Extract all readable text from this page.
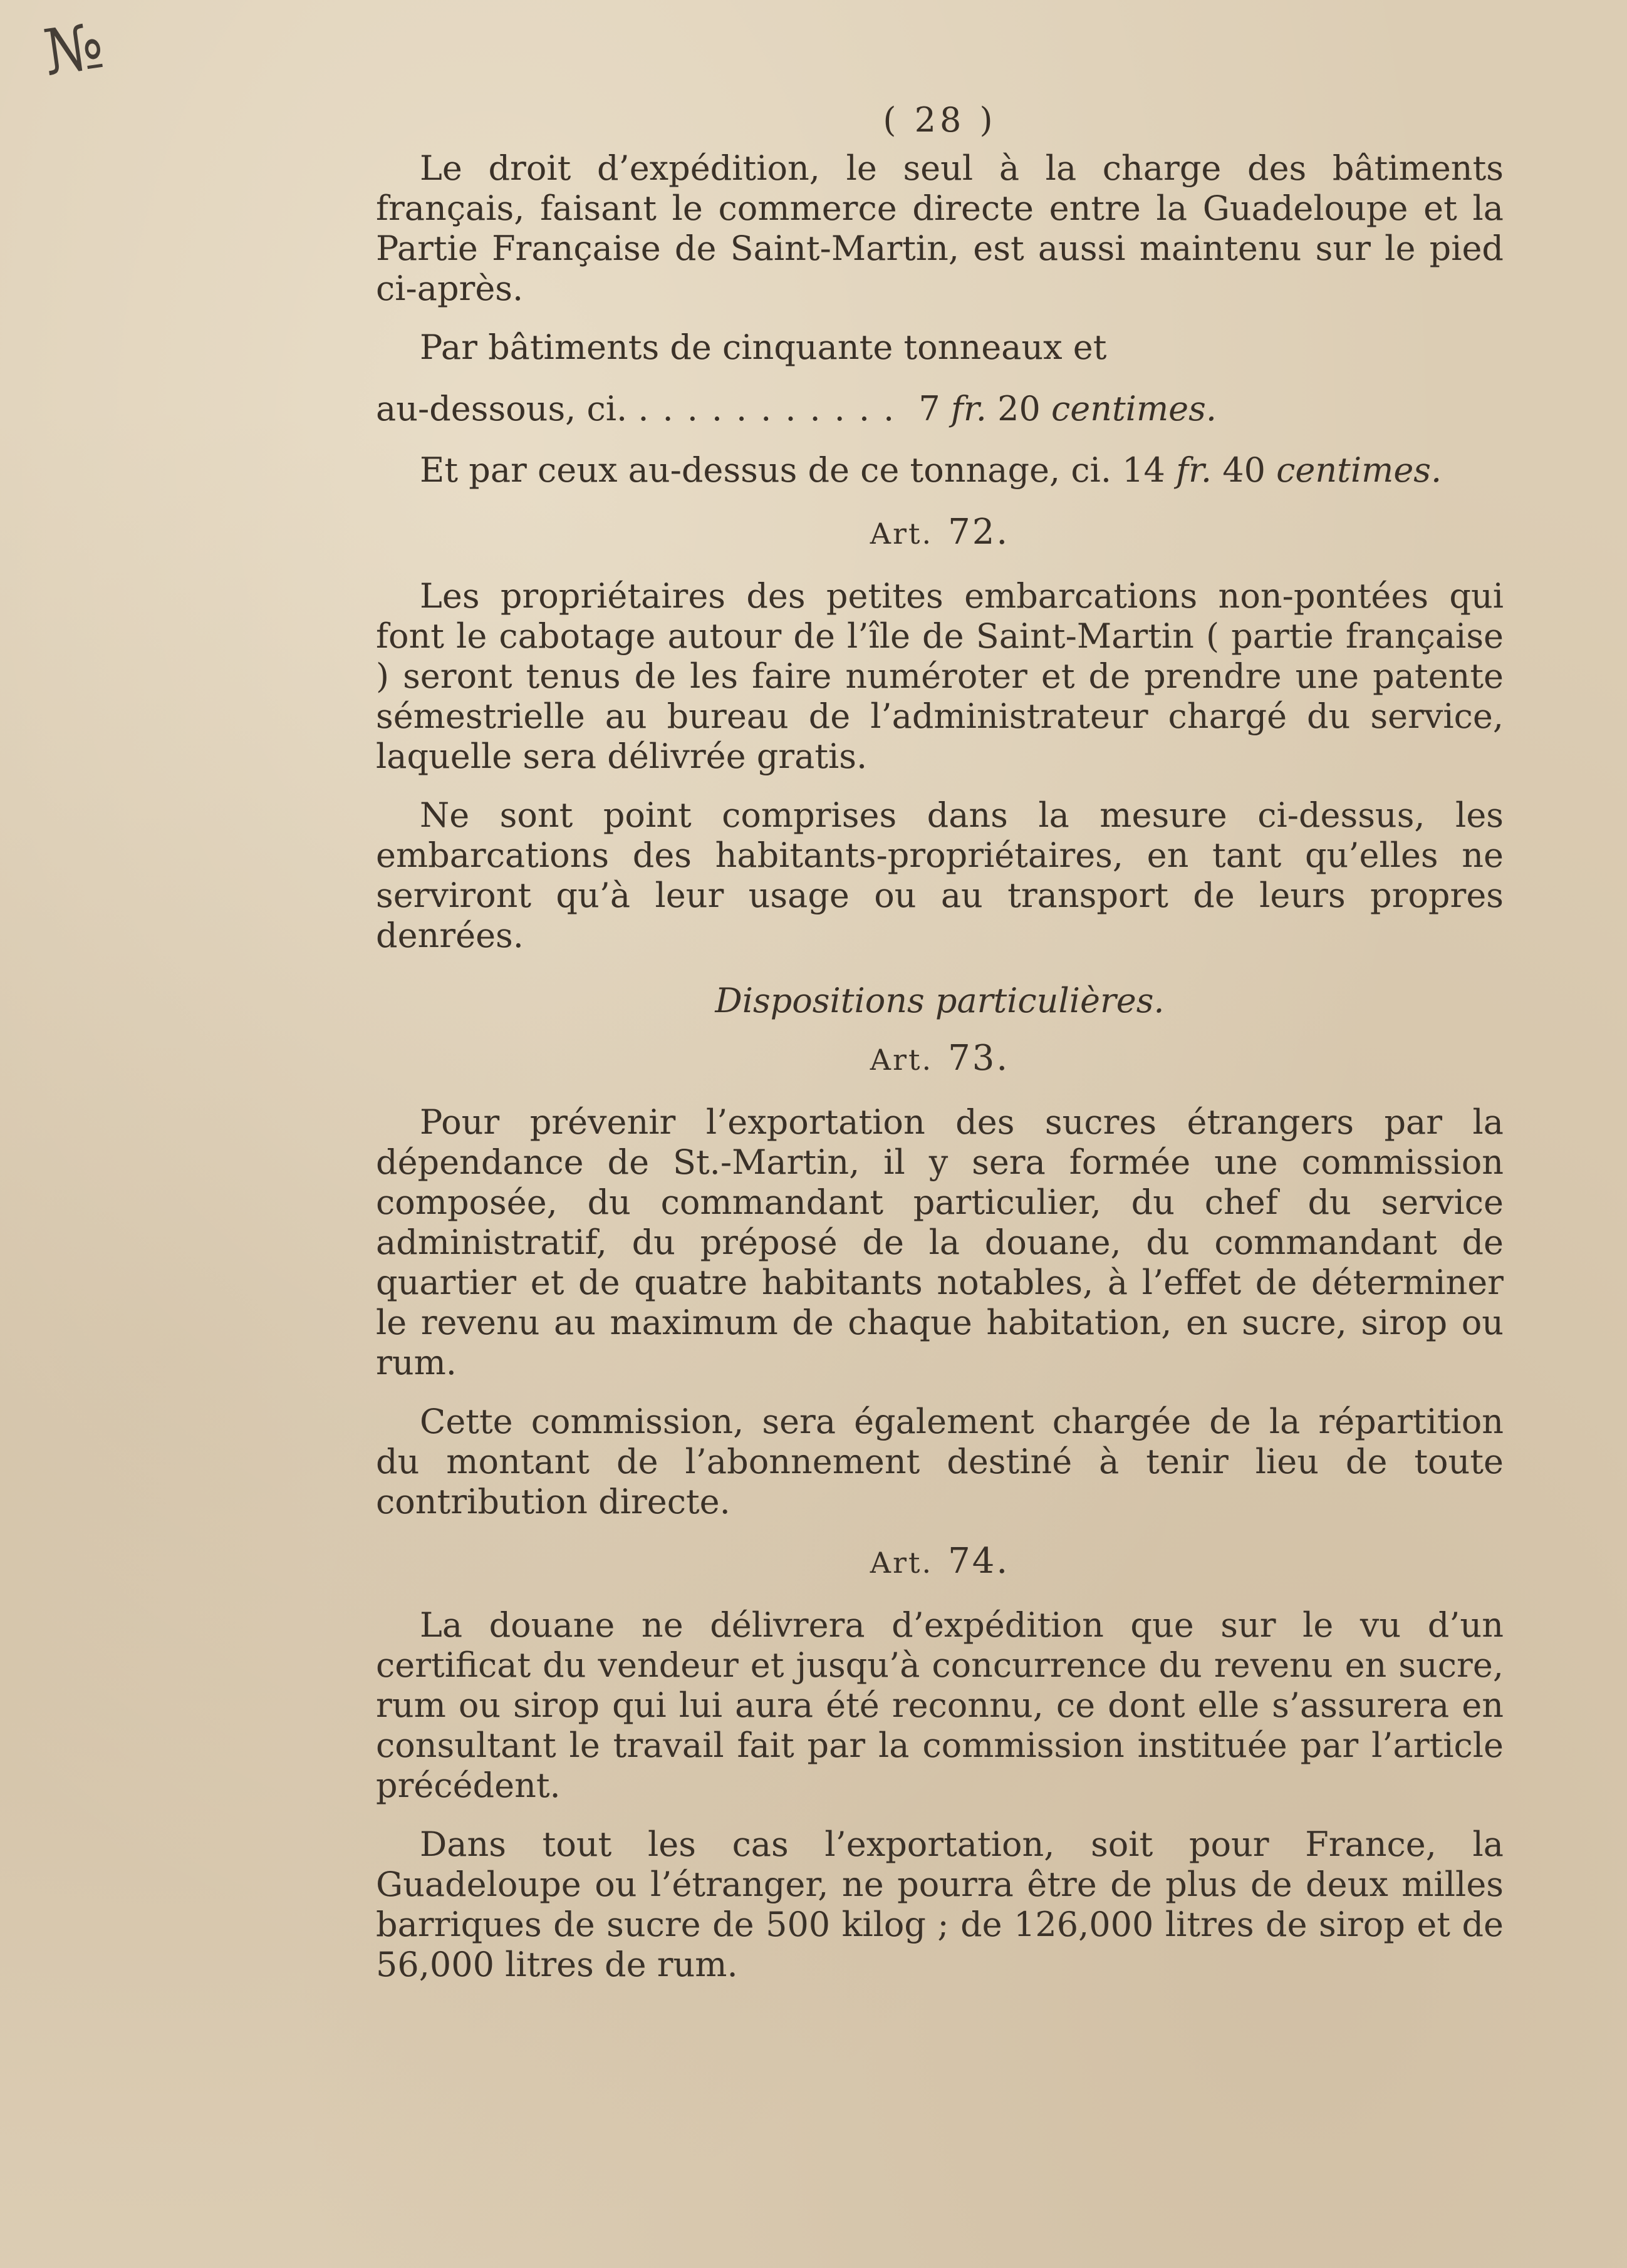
№
( 28 )

Le droit d’expédition, le seul à la charge des bâtiments français, faisant le commerce directe entre la Guadeloupe et la Partie Française de Saint-Martin, est aussi maintenu sur le pied ci-après.

Par bâtiments de cinquante tonneaux et
au-dessous, ci. ........... 7 fr. 20 centimes.
Et par ceux au-dessus de ce tonnage, ci. 14 fr. 40 centimes.
Art. 72.

Les propriétaires des petites embarcations non-pontées qui font le cabotage autour de l’île de Saint-Martin ( partie française ) seront tenus de les faire numéroter et de prendre une patente sémestrielle au bureau de l’administrateur chargé du service, laquelle sera délivrée gratis.

Ne sont point comprises dans la mesure ci-dessus, les embarcations des habitants-propriétaires, en tant qu’elles ne serviront qu’à leur usage ou au transport de leurs propres denrées.

Dispositions particulières.
Art. 73.

Pour prévenir l’exportation des sucres étrangers par la dépendance de St.-Martin, il y sera formée une commission composée, du commandant particulier, du chef du service administratif, du préposé de la douane, du commandant de quartier et de quatre habitants notables, à l’effet de déterminer le revenu au maximum de chaque habitation, en sucre, sirop ou rum.

Cette commission, sera également chargée de la répartition du montant de l’abonnement destiné à tenir lieu de toute contribution directe.

Art. 74.

La douane ne délivrera d’expédition que sur le vu d’un certificat du vendeur et jusqu’à concurrence du revenu en sucre, rum ou sirop qui lui aura été reconnu, ce dont elle s’assurera en consultant le travail fait par la commission instituée par l’article précédent.

Dans tout les cas l’exportation, soit pour France, la Guadeloupe ou l’étranger, ne pourra être de plus de deux milles barriques de sucre de 500 kilog ; de 126,000 litres de sirop et de 56,000 litres de rum.
